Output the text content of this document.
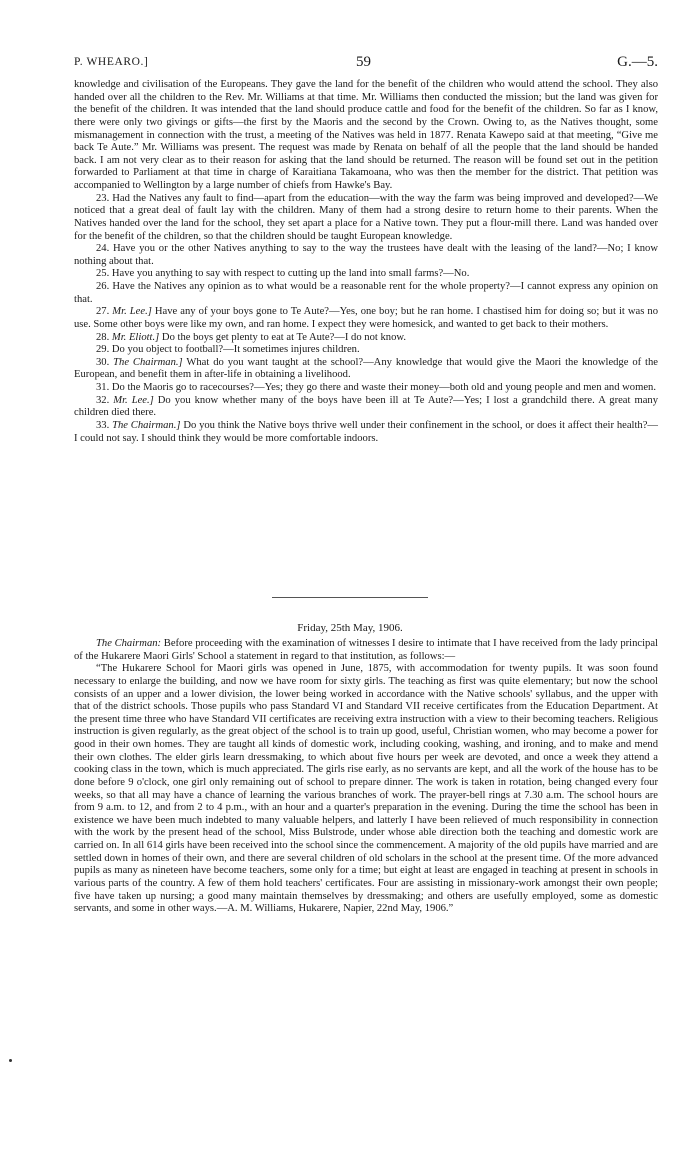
P. WHEARO.]	59	G.—5.

knowledge and civilisation of the Europeans. They gave the land for the benefit of the children who would attend the school. They also handed over all the children to the Rev. Mr. Williams at that time. Mr. Williams then conducted the mission; but the land was given for the benefit of the children. It was intended that the land should produce cattle and food for the benefit of the children. So far as I know, there were only two givings or gifts—the first by the Maoris and the second by the Crown. Owing to, as the Natives thought, some mismanagement in connection with the trust, a meeting of the Natives was held in 1877. Renata Kawepo said at that meeting, “Give me back Te Aute.” Mr. Williams was present. The request was made by Renata on behalf of all the people that the land should be handed back. I am not very clear as to their reason for asking that the land should be returned. The reason will be found set out in the petition forwarded to Parliament at that time in charge of Karaitiana Takamoana, who was then the member for the district. That petition was accompanied to Wellington by a large number of chiefs from Hawke's Bay.

23. Had the Natives any fault to find—apart from the education—with the way the farm was being improved and developed?—We noticed that a great deal of fault lay with the children. Many of them had a strong desire to return home to their parents. When the Natives handed over the land for the school, they set apart a place for a Native town. They put a flour-mill there. Land was handed over for the benefit of the children, so that the children should be taught European knowledge.

24. Have you or the other Natives anything to say to the way the trustees have dealt with the leasing of the land?—No; I know nothing about that.

25. Have you anything to say with respect to cutting up the land into small farms?—No.

26. Have the Natives any opinion as to what would be a reasonable rent for the whole property?—I cannot express any opinion on that.

27. Mr. Lee.] Have any of your boys gone to Te Aute?—Yes, one boy; but he ran home. I chastised him for doing so; but it was no use. Some other boys were like my own, and ran home. I expect they were homesick, and wanted to get back to their mothers.

28. Mr. Eliott.] Do the boys get plenty to eat at Te Aute?—I do not know.

29. Do you object to football?—It sometimes injures children.

30. The Chairman.] What do you want taught at the school?—Any knowledge that would give the Maori the knowledge of the European, and benefit them in after-life in obtaining a livelihood.

31. Do the Maoris go to racecourses?—Yes; they go there and waste their money—both old and young people and men and women.

32. Mr. Lee.] Do you know whether many of the boys have been ill at Te Aute?—Yes; I lost a grandchild there. A great many children died there.

33. The Chairman.] Do you think the Native boys thrive well under their confinement in the school, or does it affect their health?—I could not say. I should think they would be more comfortable indoors.

Friday, 25th May, 1906.

The Chairman: Before proceeding with the examination of witnesses I desire to intimate that I have received from the lady principal of the Hukarere Maori Girls' School a statement in regard to that institution, as follows:—

“The Hukarere School for Maori girls was opened in June, 1875, with accommodation for twenty pupils. It was soon found necessary to enlarge the building, and now we have room for sixty girls. The teaching as first was quite elementary; but now the school consists of an upper and a lower division, the lower being worked in accordance with the Native schools' syllabus, and the upper with that of the district schools. Those pupils who pass Standard VI and Standard VII receive certificates from the Education Department. At the present time three who have Standard VII certificates are receiving extra instruction with a view to their becoming teachers. Religious instruction is given regularly, as the great object of the school is to train up good, useful, Christian women, who may become a power for good in their own homes. They are taught all kinds of domestic work, including cooking, washing, and ironing, and to make and mend their own clothes. The elder girls learn dressmaking, to which about five hours per week are devoted, and once a week they attend a cooking class in the town, which is much appreciated. The girls rise early, as no servants are kept, and all the work of the house has to be done before 9 o'clock, one girl only remaining out of school to prepare dinner. The work is taken in rotation, being changed every four weeks, so that all may have a chance of learning the various branches of work. The prayer-bell rings at 7.30 a.m. The school hours are from 9 a.m. to 12, and from 2 to 4 p.m., with an hour and a quarter's preparation in the evening. During the time the school has been in existence we have been much indebted to many valuable helpers, and latterly I have been relieved of much responsibility in connection with the work by the present head of the school, Miss Bulstrode, under whose able direction both the teaching and domestic work are carried on. In all 614 girls have been received into the school since the commencement. A majority of the old pupils have married and are settled down in homes of their own, and there are several children of old scholars in the school at the present time. Of the more advanced pupils as many as nineteen have become teachers, some only for a time; but eight at least are engaged in teaching at present in schools in various parts of the country. A few of them hold teachers' certificates. Four are assisting in missionary-work amongst their own people; five have taken up nursing; a good many maintain themselves by dressmaking; and others are usefully employed, some as domestic servants, and some in other ways.—A. M. Williams, Hukarere, Napier, 22nd May, 1906.”
